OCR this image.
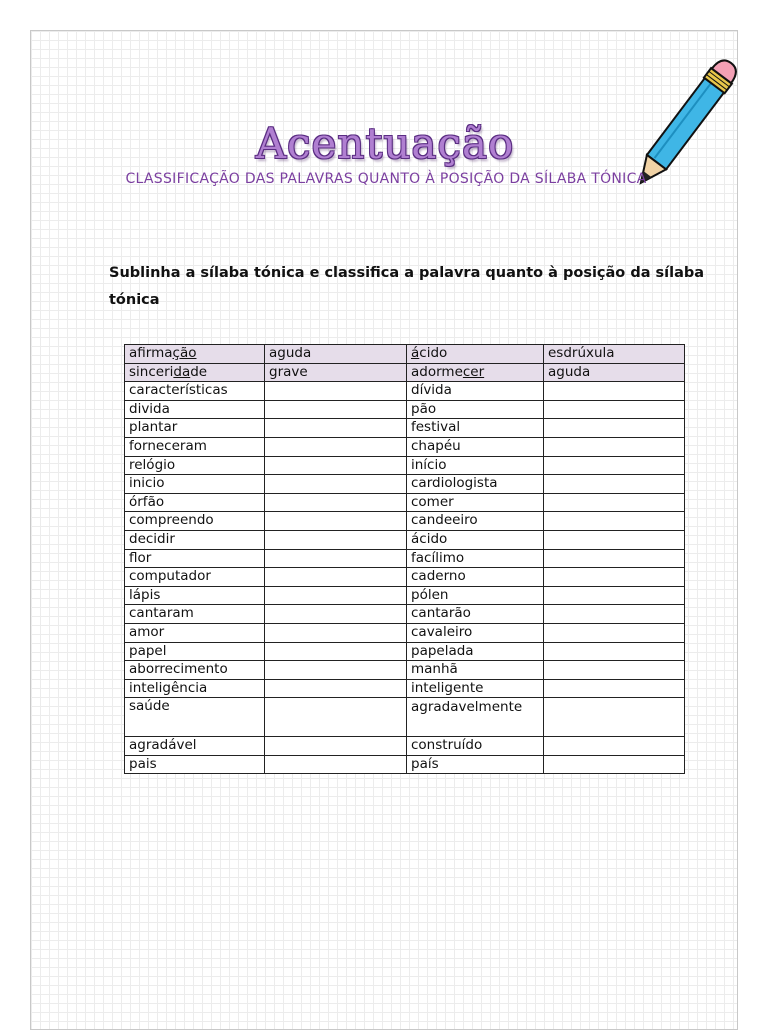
Acentuação
CLASSIFICAÇÃO DAS PALAVRAS QUANTO À POSIÇÃO DA SÍLABA TÓNICA
Sublinha a sílaba tónica e classifica a palavra quanto à posição da sílaba tónica
afirmação	aguda	ácido	esdrúxula
sinceridade	grave	adormecer	aguda
características		dívida	
divida		pão	
plantar		festival	
forneceram		chapéu	
relógio		início	
inicio		cardiologista	
órfão		comer	
compreendo		candeeiro	
decidir		ácido	
flor		facílimo	
computador		caderno	
lápis		pólen	
cantaram		cantarão	
amor		cavaleiro	
papel		papelada	
aborrecimento		manhã	
inteligência		inteligente	
saúde		agradavelmente	
agradável		construído	
pais		país	
